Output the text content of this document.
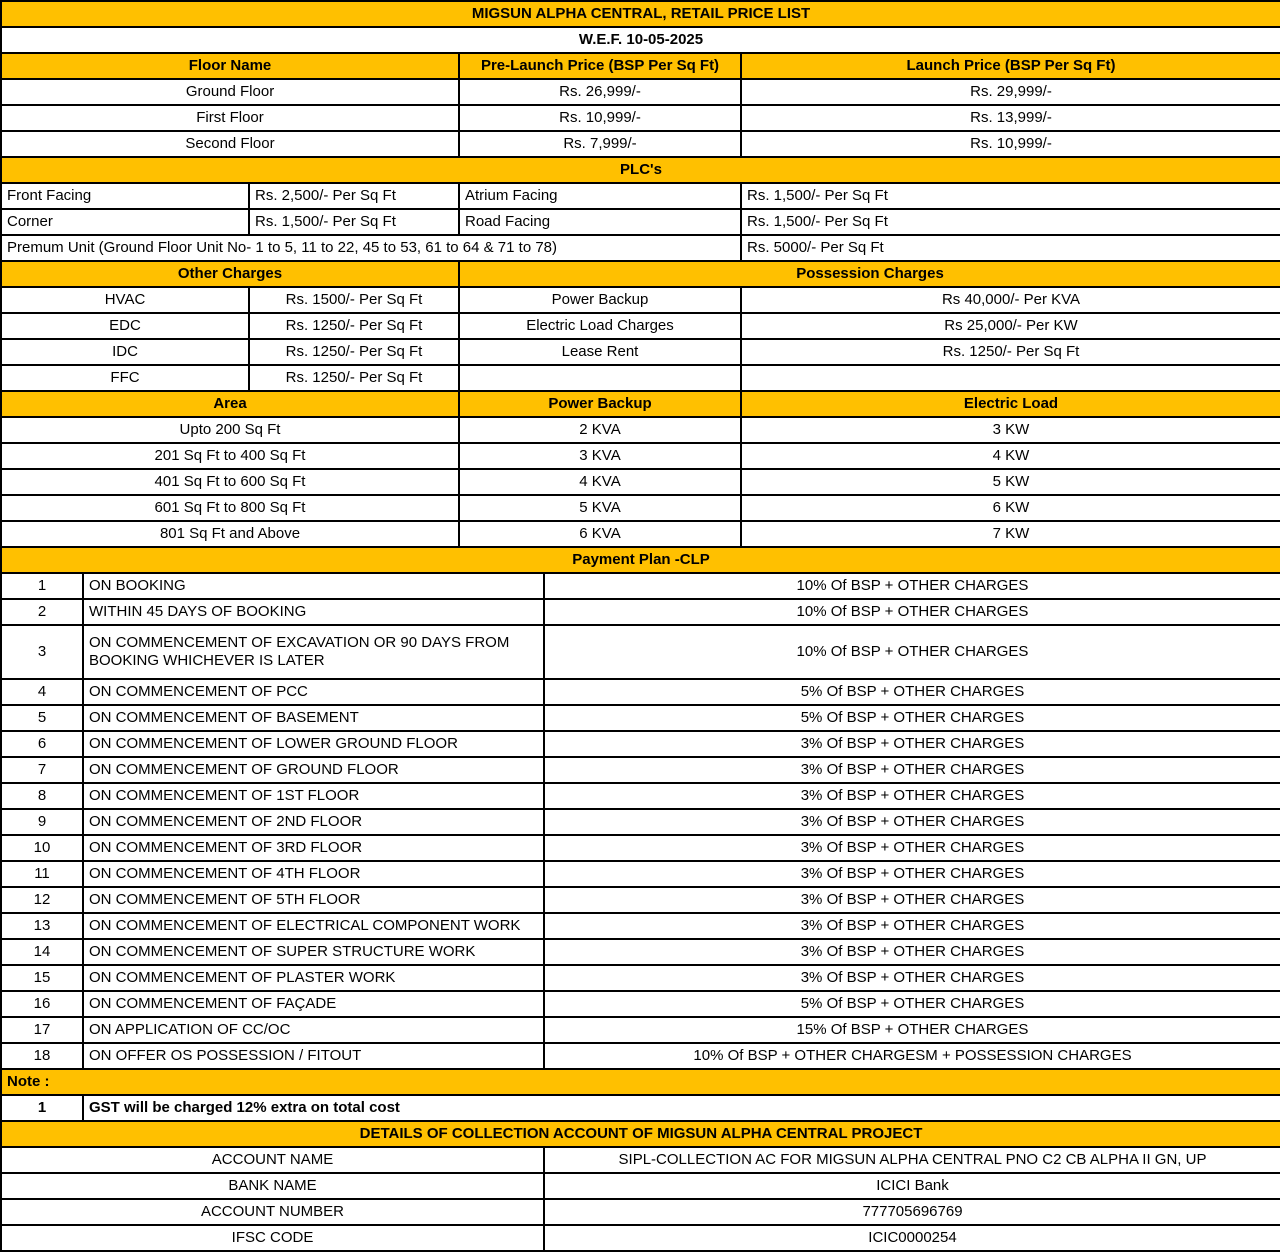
MIGSUN ALPHA CENTRAL, RETAIL PRICE LIST					
W.E.F. 10-05-2025					
Floor Name			Pre-Launch Price (BSP Per Sq Ft)		Launch Price (BSP Per Sq Ft)
Ground Floor			Rs. 26,999/-		Rs. 29,999/-
First Floor			Rs. 10,999/-		Rs. 13,999/-
Second Floor			Rs. 7,999/-		Rs. 10,999/-
PLC's					
Front Facing		Rs. 2,500/- Per Sq Ft	Atrium Facing		Rs. 1,500/- Per Sq Ft
Corner		Rs. 1,500/- Per Sq Ft	Road Facing		Rs. 1,500/- Per Sq Ft
Premum Unit (Ground Floor Unit No- 1 to 5, 11 to 22, 45 to 53, 61 to 64 & 71 to 78)					Rs. 5000/- Per Sq Ft
Other Charges			Possession Charges		
HVAC		Rs. 1500/- Per Sq Ft	Power Backup		Rs 40,000/- Per KVA
EDC		Rs. 1250/- Per Sq Ft	Electric Load Charges		Rs 25,000/- Per KW
IDC		Rs. 1250/- Per Sq Ft	Lease Rent		Rs. 1250/- Per Sq Ft
FFC		Rs. 1250/- Per Sq Ft			
Area			Power Backup		Electric Load
Upto 200 Sq Ft			2 KVA		3 KW
201 Sq Ft to 400 Sq Ft			3 KVA		4 KW
401 Sq Ft to 600 Sq Ft			4 KVA		5 KW
601 Sq Ft to 800 Sq Ft			5 KVA		6 KW
801 Sq Ft and Above			6 KVA		7 KW
Payment Plan -CLP					
1	ON BOOKING			10% Of BSP + OTHER CHARGES	
2	WITHIN 45 DAYS OF BOOKING			10% Of BSP + OTHER CHARGES	
3	ON COMMENCEMENT OF EXCAVATION OR 90 DAYS FROM BOOKING WHICHEVER IS LATER			10% Of BSP + OTHER CHARGES	
4	ON COMMENCEMENT OF PCC			5% Of BSP + OTHER CHARGES	
5	ON COMMENCEMENT OF BASEMENT			5% Of BSP + OTHER CHARGES	
6	ON COMMENCEMENT OF LOWER GROUND FLOOR			3% Of BSP + OTHER CHARGES	
7	ON COMMENCEMENT OF GROUND FLOOR			3% Of BSP + OTHER CHARGES	
8	ON COMMENCEMENT OF 1ST FLOOR			3% Of BSP + OTHER CHARGES	
9	ON COMMENCEMENT OF 2ND FLOOR			3% Of BSP + OTHER CHARGES	
10	ON COMMENCEMENT OF 3RD FLOOR			3% Of BSP + OTHER CHARGES	
11	ON COMMENCEMENT OF 4TH FLOOR			3% Of BSP + OTHER CHARGES	
12	ON COMMENCEMENT OF 5TH FLOOR			3% Of BSP + OTHER CHARGES	
13	ON COMMENCEMENT OF ELECTRICAL COMPONENT WORK			3% Of BSP + OTHER CHARGES	
14	ON COMMENCEMENT OF SUPER STRUCTURE WORK			3% Of BSP + OTHER CHARGES	
15	ON COMMENCEMENT OF PLASTER WORK			3% Of BSP + OTHER CHARGES	
16	ON COMMENCEMENT OF FAÇADE			5% Of BSP + OTHER CHARGES	
17	ON APPLICATION OF CC/OC			15% Of BSP + OTHER CHARGES	
18	ON OFFER OS POSSESSION / FITOUT			10% Of BSP + OTHER CHARGESM + POSSESSION CHARGES	
Note :					
1	GST will be charged 12% extra on total cost				
DETAILS OF COLLECTION ACCOUNT OF MIGSUN ALPHA CENTRAL PROJECT					
ACCOUNT NAME				SIPL-COLLECTION AC FOR MIGSUN ALPHA CENTRAL PNO C2 CB ALPHA II GN, UP	
BANK NAME				ICICI Bank	
ACCOUNT NUMBER				777705696769	
IFSC CODE				ICIC0000254	
